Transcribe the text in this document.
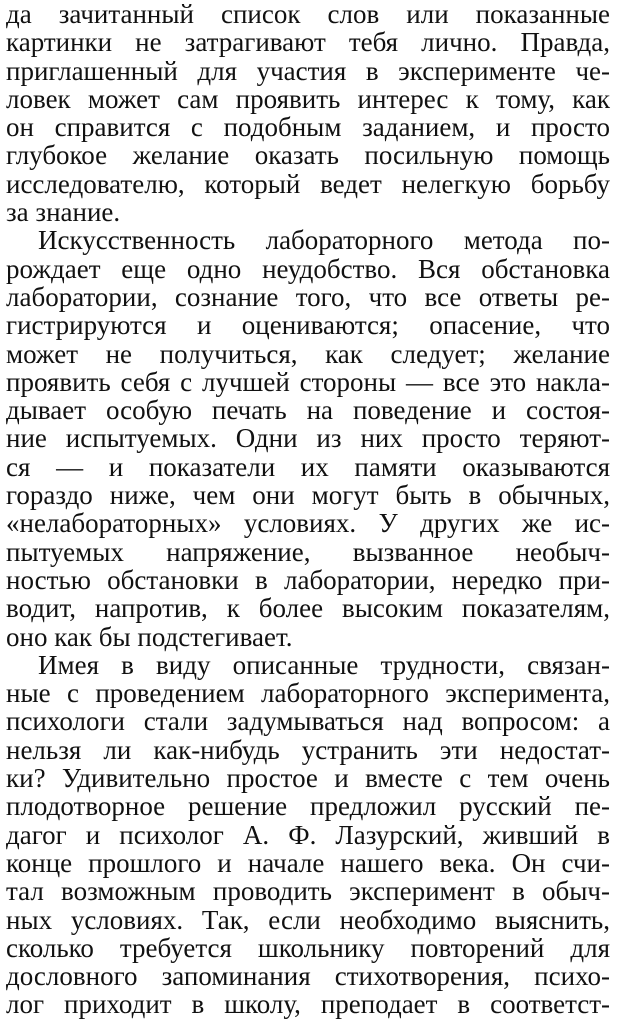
да зачитанный список слов или показанные
картинки не затрагивают тебя лично. Правда,
приглашенный для участия в эксперименте че-
ловек может сам проявить интерес к тому, как
он справится с подобным заданием, и просто
глубокое желание оказать посильную помощь
исследователю, который ведет нелегкую борьбу
за знание.
Искусственность лабораторного метода по-
рождает еще одно неудобство. Вся обстановка
лаборатории, сознание того, что все ответы ре-
гистрируются и оцениваются; опасение, что
может не получиться, как следует; желание
проявить себя с лучшей стороны — все это накла-
дывает особую печать на поведение и состоя-
ние испытуемых. Одни из них просто теряют-
ся — и показатели их памяти оказываются
гораздо ниже, чем они могут быть в обычных,
«нелабораторных» условиях. У других же ис-
пытуемых напряжение, вызванное необыч-
ностью обстановки в лаборатории, нередко при-
водит, напротив, к более высоким показателям,
оно как бы подстегивает.
Имея в виду описанные трудности, связан-
ные с проведением лабораторного эксперимента,
психологи стали задумываться над вопросом: а
нельзя ли как-нибудь устранить эти недостат-
ки? Удивительно простое и вместе с тем очень
плодотворное решение предложил русский пе-
дагог и психолог А. Ф. Лазурский, живший в
конце прошлого и начале нашего века. Он счи-
тал возможным проводить эксперимент в обыч-
ных условиях. Так, если необходимо выяснить,
сколько требуется школьнику повторений для
дословного запоминания стихотворения, психо-
лог приходит в школу, преподает в соответст-
